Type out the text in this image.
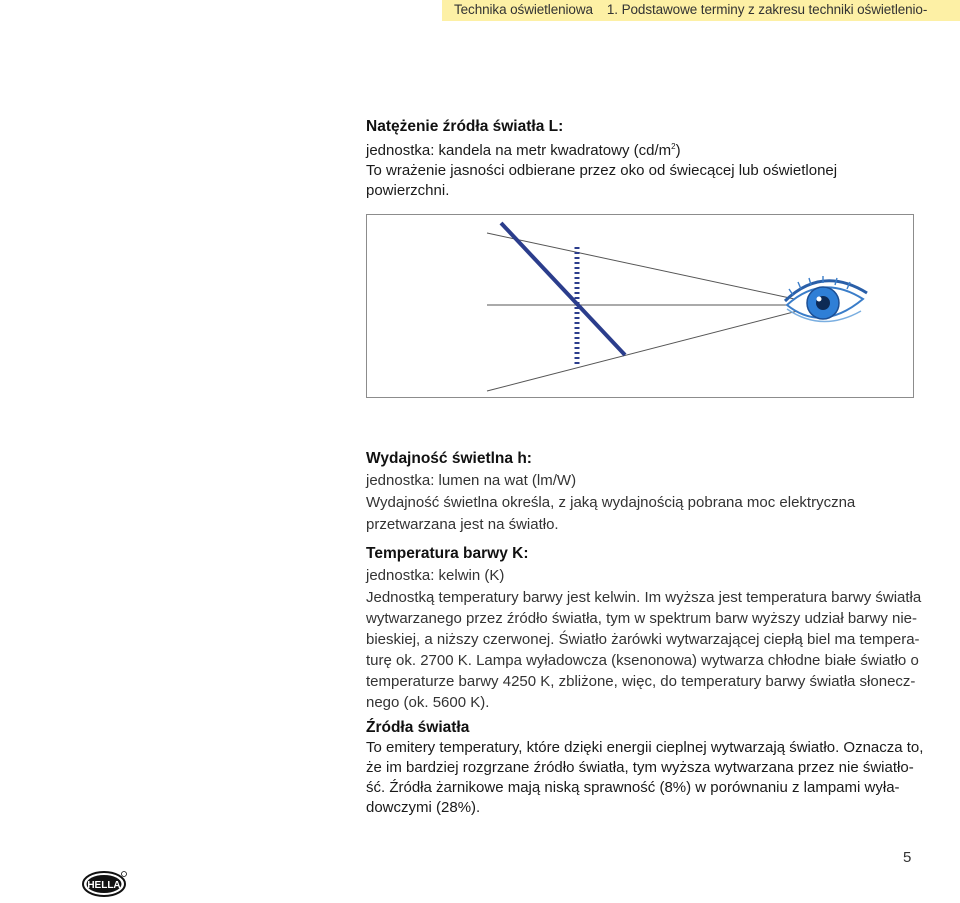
Technika oświetleniowa 1. Podstawowe terminy z zakresu techniki oświetlenio-
Natężenie źródła światła L:
jednostka: kandela na metr kwadratowy $(cd/m^2)$
To wrażenie jasności odbierane przez oko od świecącej lub oświetlonej
powierzchni.
Wydajność świetlna h:
jednostka: lumen na wat (lm/W)
Wydajność świetlna określa, z jaką wydajnością pobrana moc elektryczna
przetwarzana jest na światło.
Temperatura barwy K:
jednostka: kelwin (K)
Jednostką temperatury barwy jest kelwin. Im wyższa jest temperatura barwy światła
wytwarzanego przez źródło światła, tym w spektrum barw wyższy udział barwy nie-
bieskiej, a niższy czerwonej. Światło żarówki wytwarzającej ciepłą biel ma tempera-
turę ok. 2700 K. Lampa wyładowcza (ksenonowa) wytwarza chłodne białe światło o
temperaturze barwy 4250 K, zbliżone, więc, do temperatury barwy światła słonecz-
nego (ok. 5600 K).
Źródła światła
To emitery temperatury, które dzięki energii cieplnej wytwarzają światło. Oznacza to,
że im bardziej rozgrzane źródło światła, tym wyższa wytwarzana przez nie światło-
ść. Źródła żarnikowe mają niską sprawność (8%) w porównaniu z lampami wyła-
dowczymi (28%).
5
HELLA
